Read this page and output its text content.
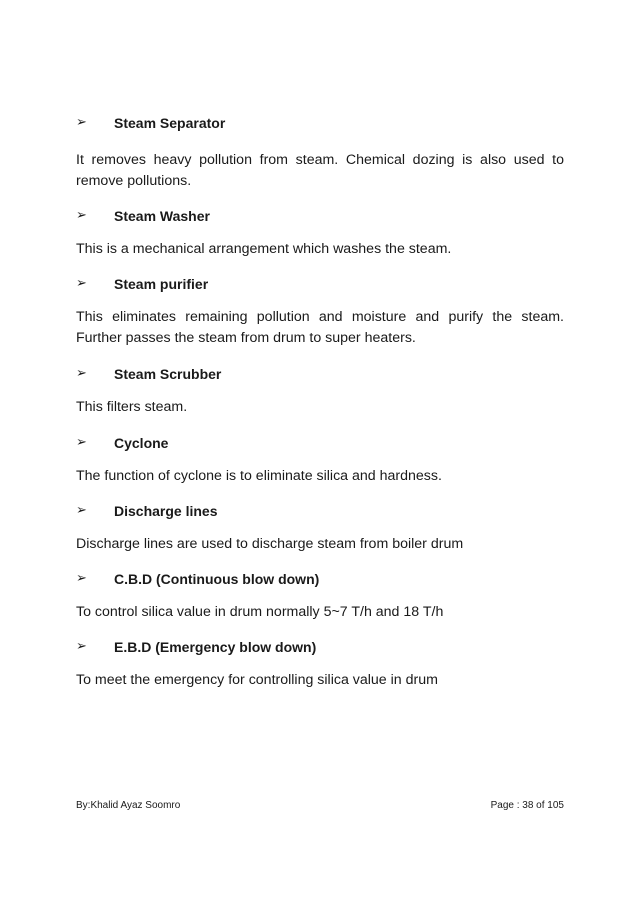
➢	Steam Separator

It removes heavy pollution from steam. Chemical dozing is also used to remove pollutions.

➢	Steam Washer

This is a mechanical arrangement which washes the steam.

➢	Steam purifier

This eliminates remaining pollution and moisture and purify the steam. Further passes the steam from drum to super heaters.

➢	Steam Scrubber

This filters steam.

➢	Cyclone

The function of cyclone is to eliminate silica and hardness.

➢	Discharge lines

Discharge lines are used to discharge steam from boiler drum

➢	C.B.D (Continuous blow down)

To control silica value in drum normally 5~7 T/h and 18 T/h

➢	E.B.D (Emergency blow down)

To meet the emergency for controlling silica value in drum

By:Khalid Ayaz Soomro	Page : 38 of 105
